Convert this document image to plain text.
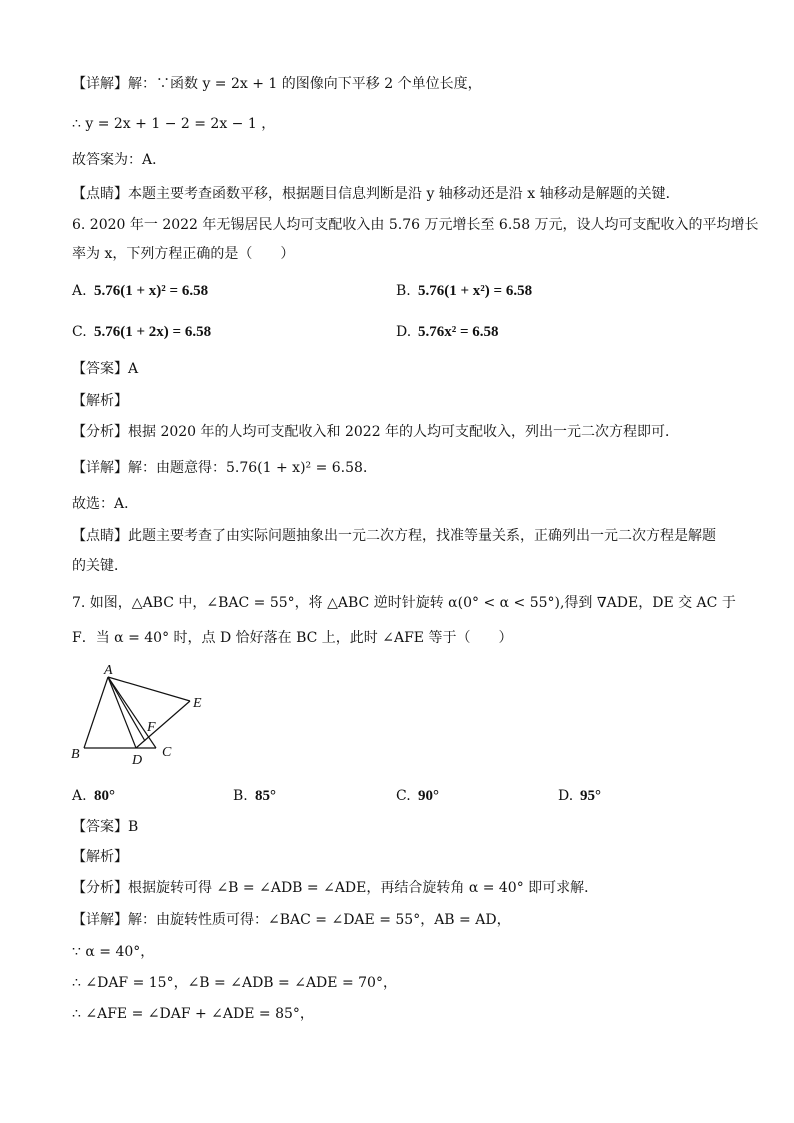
【详解】解：∵函数 y = 2x + 1 的图像向下平移 2 个单位长度，
∴ y = 2x + 1 − 2 = 2x − 1 ，
故答案为：A．
【点睛】本题主要考查函数平移，根据题目信息判断是沿 y 轴移动还是沿 x 轴移动是解题的关键．
6. 2020 年一 2022 年无锡居民人均可支配收入由 5.76 万元增长至 6.58 万元，设人均可支配收入的平均增长
率为 x，下列方程正确的是（　　）
A. 5.76(1 + x)² = 6.58	B. 5.76(1 + x²) = 6.58
C. 5.76(1 + 2x) = 6.58	D. 5.76x² = 6.58
【答案】A
【解析】
【分析】根据 2020 年的人均可支配收入和 2022 年的人均可支配收入，列出一元二次方程即可．
【详解】解：由题意得：5.76(1 + x)² = 6.58．
故选：A．
【点睛】此题主要考查了由实际问题抽象出一元二次方程，找准等量关系，正确列出一元二次方程是解题
的关键．
7. 如图，△ABC 中，∠BAC = 55°，将 △ABC 逆时针旋转 α(0° < α < 55°),得到 ∇ADE，DE 交 AC 于
F．当 α = 40° 时，点 D 恰好落在 BC 上，此时 ∠AFE 等于（　　）
A
B	C
D
E
F
A. 80°	B. 85°	C. 90°	D. 95°
【答案】B
【解析】
【分析】根据旋转可得 ∠B = ∠ADB = ∠ADE，再结合旋转角 α = 40° 即可求解．
【详解】解：由旋转性质可得：∠BAC = ∠DAE = 55°，AB = AD，
∵ α = 40°，
∴ ∠DAF = 15°，∠B = ∠ADB = ∠ADE = 70°，
∴ ∠AFE = ∠DAF + ∠ADE = 85°，
